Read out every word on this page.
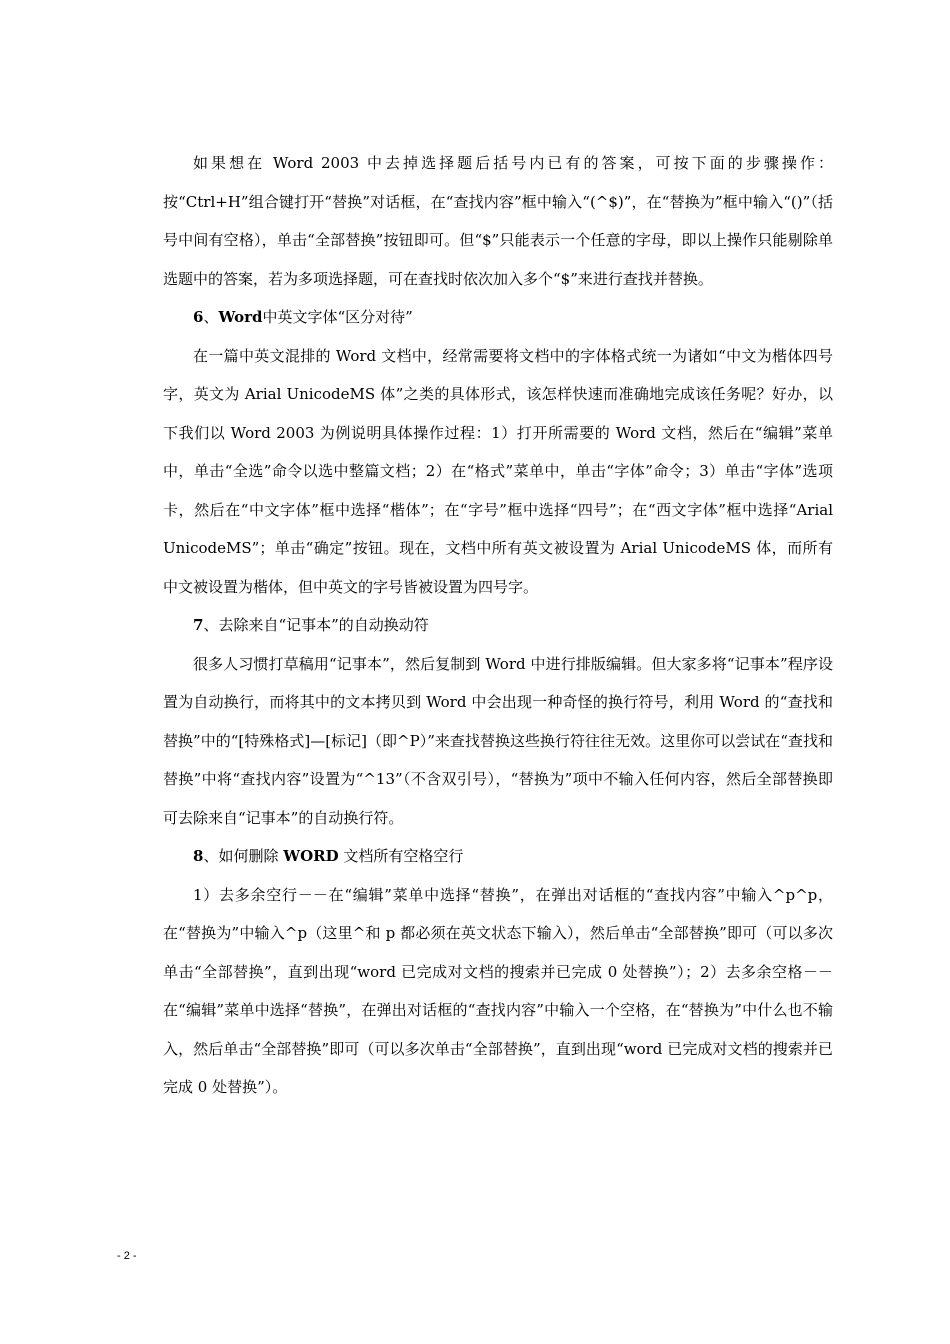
如果想在 Word 2003 中去掉选择题后括号内已有的答案，可按下面的步骤操作：按“Ctrl+H”组合键打开“替换”对话框，在“查找内容”框中输入“(^$)”，在“替换为”框中输入“()”（括号中间有空格），单击“全部替换”按钮即可。但“$”只能表示一个任意的字母，即以上操作只能剔除单选题中的答案，若为多项选择题，可在查找时依次加入多个“$”来进行查找并替换。

6、Word中英文字体“区分对待”

在一篇中英文混排的 Word 文档中，经常需要将文档中的字体格式统一为诸如“中文为楷体四号字，英文为 Arial UnicodeMS 体”之类的具体形式，该怎样快速而准确地完成该任务呢？好办，以下我们以 Word 2003 为例说明具体操作过程：1）打开所需要的 Word 文档，然后在“编辑”菜单中，单击“全选”命令以选中整篇文档；2）在“格式”菜单中，单击“字体”命令；3）单击“字体”选项卡，然后在“中文字体”框中选择“楷体”；在“字号”框中选择“四号”；在“西文字体”框中选择“Arial UnicodeMS”；单击“确定”按钮。现在，文档中所有英文被设置为 Arial UnicodeMS 体，而所有中文被设置为楷体，但中英文的字号皆被设置为四号字。

7、去除来自“记事本”的自动换动符

很多人习惯打草稿用“记事本”，然后复制到 Word 中进行排版编辑。但大家多将“记事本”程序设置为自动换行，而将其中的文本拷贝到 Word 中会出现一种奇怪的换行符号，利用 Word 的“查找和替换”中的“[特殊格式]—[标记]（即^P）”来查找替换这些换行符往往无效。这里你可以尝试在“查找和替换”中将“查找内容”设置为“^13”（不含双引号），“替换为”项中不输入任何内容，然后全部替换即可去除来自“记事本”的自动换行符。

8、如何删除 WORD 文档所有空格空行

1）去多余空行－－在“编辑”菜单中选择“替换”，在弹出对话框的“查找内容”中输入^p^p，在“替换为”中输入^p（这里^和 p 都必须在英文状态下输入），然后单击“全部替换”即可（可以多次单击“全部替换”，直到出现“word 已完成对文档的搜索并已完成 0 处替换”）；2）去多余空格－－在“编辑”菜单中选择“替换”，在弹出对话框的“查找内容”中输入一个空格，在“替换为”中什么也不输入，然后单击“全部替换”即可（可以多次单击“全部替换”，直到出现“word 已完成对文档的搜索并已完成 0 处替换”）。

- 2 -
